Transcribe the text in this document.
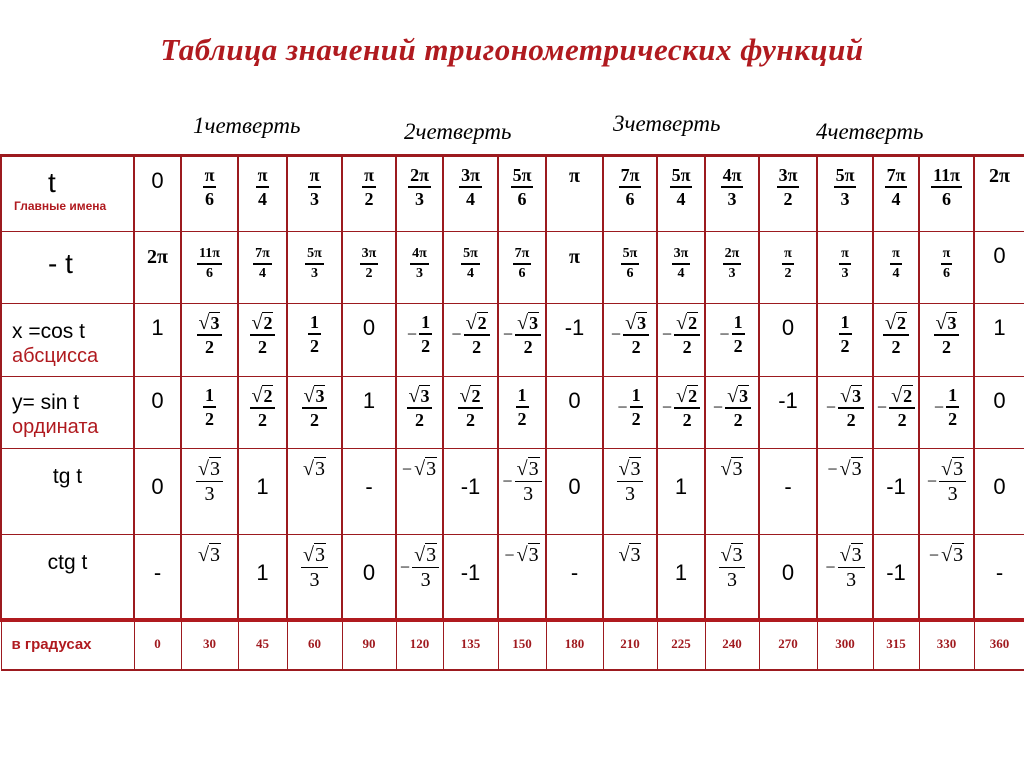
Таблица значений тригонометрических функций
1четверть	2четверть	3четверть	4четверть
t
Главные имена	0	$\frac{\pi}{6}$	$\frac{\pi}{4}$	$\frac{\pi}{3}$	$\frac{\pi}{2}$	$\frac{2\pi}{3}$	$\frac{3\pi}{4}$	$\frac{5\pi}{6}$	π	$\frac{7\pi}{6}$	$\frac{5\pi}{4}$	$\frac{4\pi}{3}$	$\frac{3\pi}{2}$	$\frac{5\pi}{3}$	$\frac{7\pi}{4}$	$\frac{11\pi}{6}$	2π

- t	2π	$\frac{11\pi}{6}$	$\frac{7\pi}{4}$	$\frac{5\pi}{3}$	$\frac{3\pi}{2}$	$\frac{4\pi}{3}$	$\frac{5\pi}{4}$	$\frac{7\pi}{6}$	π	$\frac{5\pi}{6}$	$\frac{3\pi}{4}$	$\frac{2\pi}{3}$	$\frac{\pi}{2}$	$\frac{\pi}{3}$	$\frac{\pi}{4}$	$\frac{\pi}{6}$	0

x =cos t
абсцисса	1	$\frac{√ 3}{2}$	$\frac{√ 2}{2}$	$\frac{1}{2}$	0	− $\frac{1}{2}$	− $\frac{√ 2}{2}$	− $\frac{√ 3}{2}$	-1	− $\frac{√ 3}{2}$	− $\frac{√ 2}{2}$	− $\frac{1}{2}$	0	$\frac{1}{2}$	$\frac{√ 2}{2}$	$\frac{√ 3}{2}$	1

y= sin t
ордината	0	$\frac{1}{2}$	$\frac{√ 2}{2}$	$\frac{√ 3}{2}$	1	$\frac{√ 3}{2}$	$\frac{√ 2}{2}$	$\frac{1}{2}$	0	− $\frac{1}{2}$	− $\frac{√ 2}{2}$	− $\frac{√ 3}{2}$	-1	− $\frac{√ 3}{2}$	− $\frac{√ 2}{2}$	− $\frac{1}{2}$	0

tg t	0	$\frac{√ 3}{3}$	1	√ 3	-	− √ 3	-1	− $\frac{√ 3}{3}$	0	$\frac{√ 3}{3}$	1	√ 3	-	− √ 3	-1	− $\frac{√ 3}{3}$	0

ctg t	-	√ 3	1	$\frac{√ 3}{3}$	0	− $\frac{√ 3}{3}$	-1	− √ 3	-	√ 3	1	$\frac{√ 3}{3}$	0	− $\frac{√ 3}{3}$	-1	− √ 3	-

в градусах	0	30	45	60	90	120	135	150	180	210	225	240	270	300	315	330	360
